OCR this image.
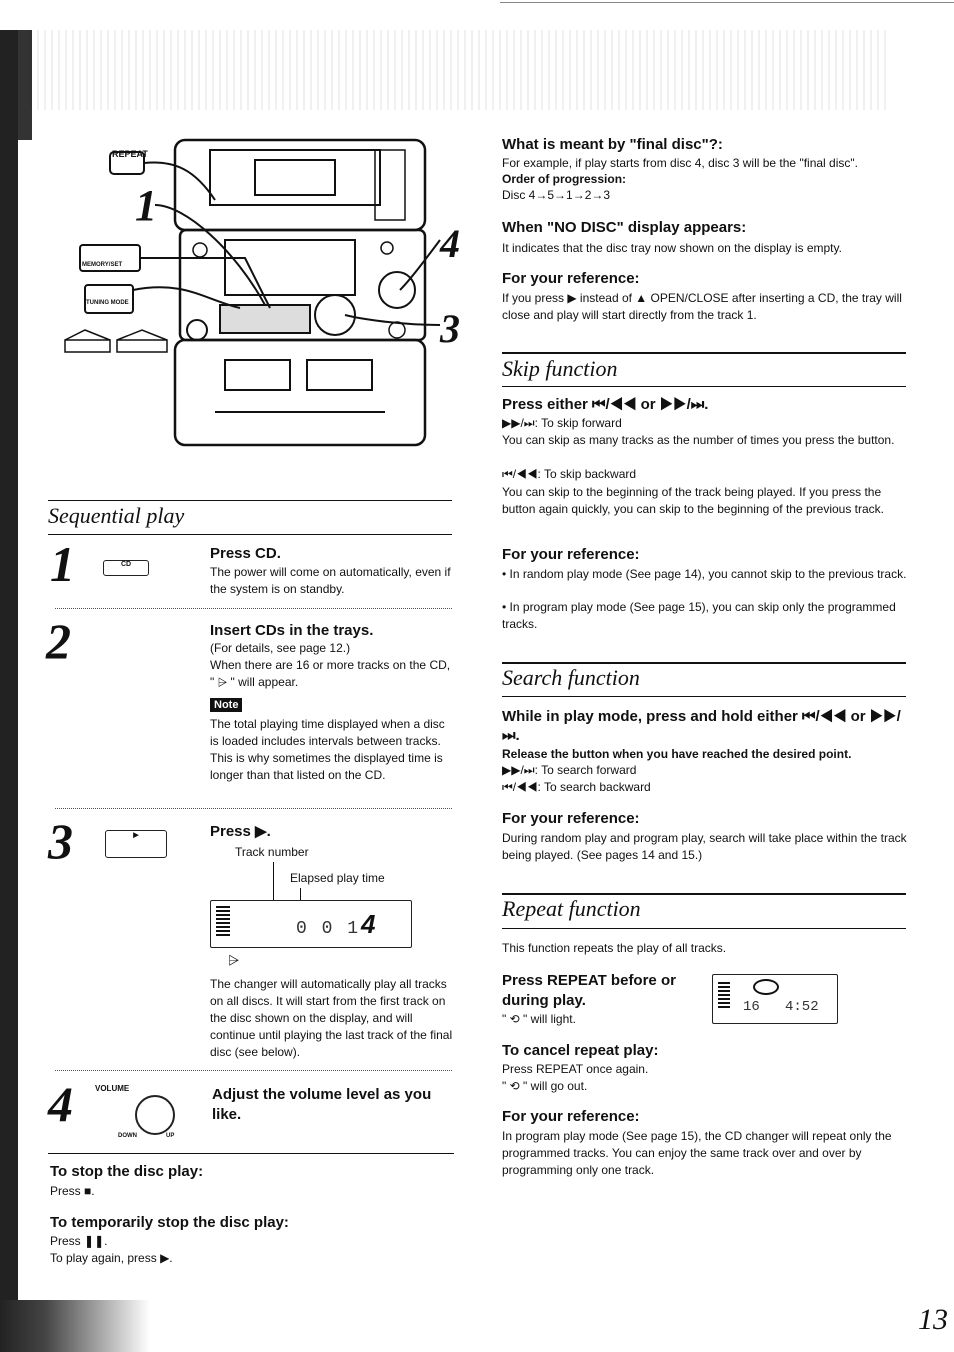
REPEAT
MEMORY/SET
TUNING MODE
1
4
3
Sequential play
1	CD
Press CD.
The power will come on automatically, even if the system is on standby.
2	Insert CDs in the trays.
(For details, see page 12.)
When there are 16 or more tracks on the CD, " ⩥ " will appear.
Note
The total playing time displayed when a disc is loaded includes intervals between tracks. This is why sometimes the displayed time is longer than that listed on the CD.
3	▶	Press ▶.
Track number
Elapsed play time
0 0 1 4
⩥
The changer will automatically play all tracks on all discs. It will start from the first track on the disc shown on the display, and will continue until playing the last track of the final disc (see below).
4	VOLUME
DOWN	UP
Adjust the volume level as you like.
To stop the disc play:
Press ■.
To temporarily stop the disc play:
Press ❚❚.
To play again, press ▶.
What is meant by "final disc"?:
For example, if play starts from disc 4, disc 3 will be the "final disc".
Order of progression:
Disc 4→5→1→2→3
When "NO DISC" display appears:
It indicates that the disc tray now shown on the display is empty.
For your reference:
If you press ▶ instead of ▲ OPEN/CLOSE after inserting a CD, the tray will close and play will start directly from the track 1.
Skip function
Press either ⏮/◀◀ or ▶▶/⏭.
▶▶/⏭: To skip forward
You can skip as many tracks as the number of times you press the button.
⏮/◀◀: To skip backward
You can skip to the beginning of the track being played. If you press the button again quickly, you can skip to the beginning of the previous track.
For your reference:
• In random play mode (See page 14), you cannot skip to the previous track.
• In program play mode (See page 15), you can skip only the programmed tracks.
Search function
While in play mode, press and hold either ⏮/◀◀ or ▶▶/⏭.
Release the button when you have reached the desired point.
▶▶/⏭: To search forward
⏮/◀◀: To search backward
For your reference:
During random play and program play, search will take place within the track being played. (See pages 14 and 15.)
Repeat function
This function repeats the play of all tracks.
Press REPEAT before or during play.
" ⟲ " will light.
16   4:52
To cancel repeat play:
Press REPEAT once again.
" ⟲ " will go out.
For your reference:
In program play mode (See page 15), the CD changer will repeat only the programmed tracks. You can enjoy the same track over and over by programming only one track.
13
